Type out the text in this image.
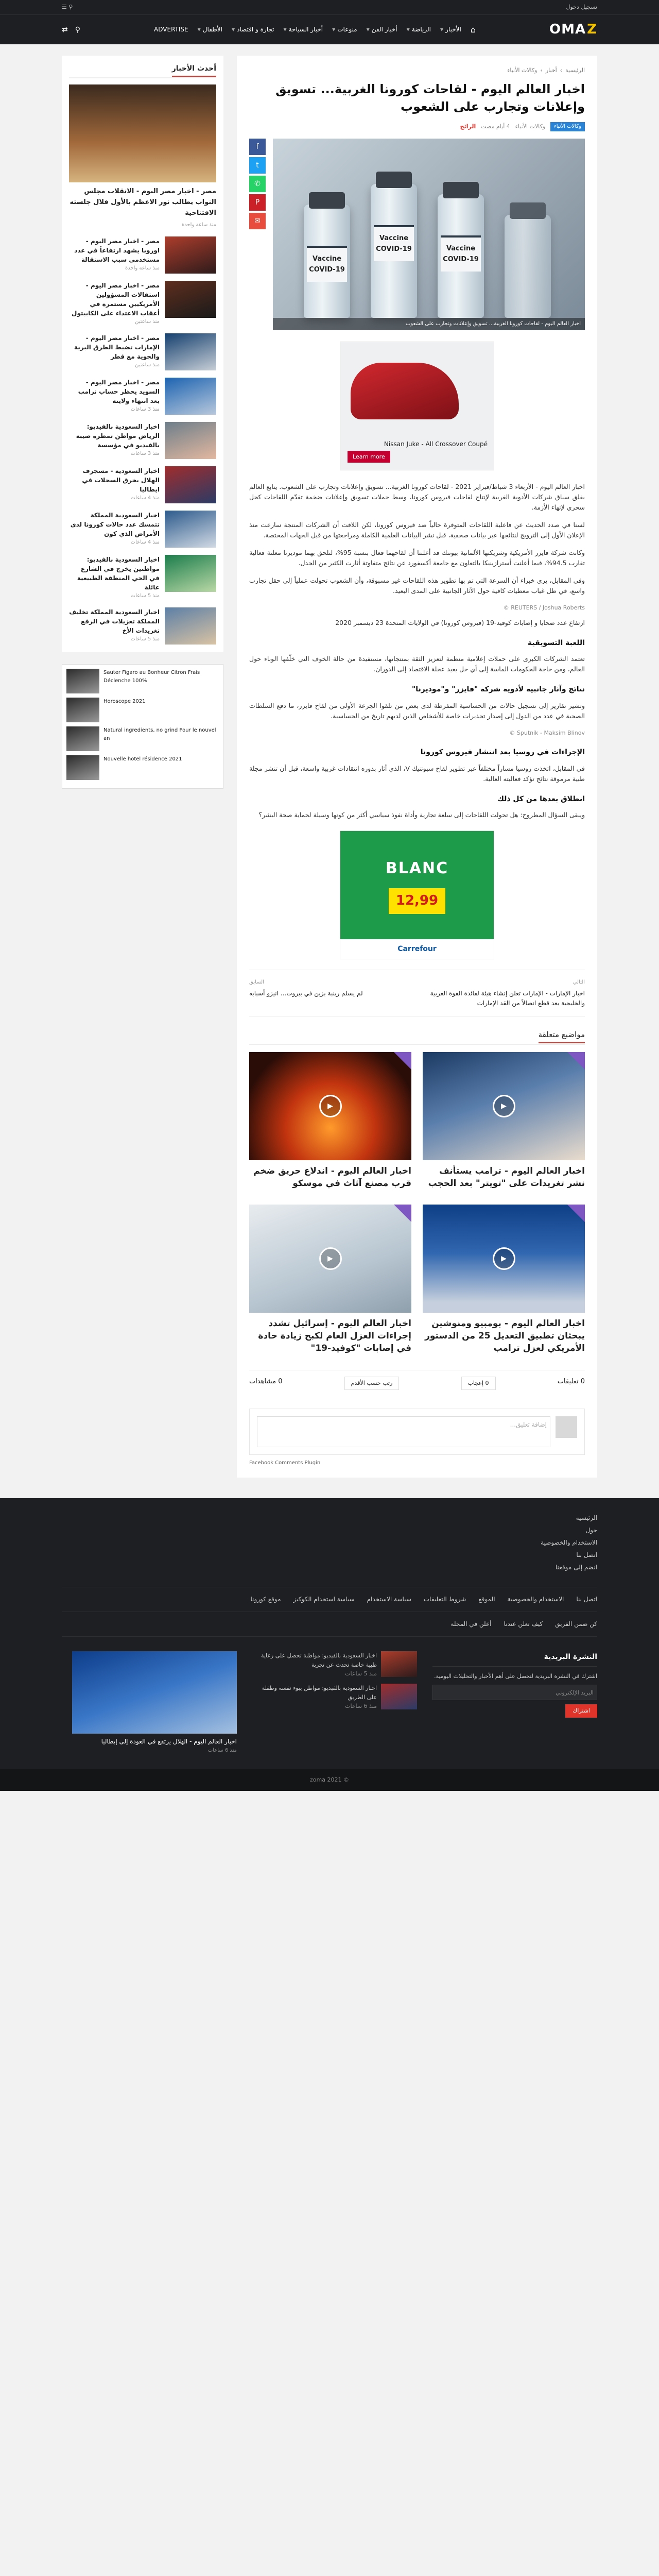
تسجيل دخول
⚲ ☰
Z
OMA
⌂
الأخبار
▼
الرياضة
▼
أخبار الفن
▼
منوعات
▼
أخبار السياحة
▼
تجارة و اقتصاد
▼
الأطفال
▼
ADVERTISE
⚲
⇄
الرئيسية
›
أخبار
›
وكالات الأنباء
اخبار العالم اليوم - لقاحات كورونا الغربية... تسويق وإعلانات وتجارب على الشعوب
وكالات الأنباء
وكالات الأنباء
4 أيام مضت
الرائج
Vaccine
COVID-19
Vaccine
COVID-19	Vaccine
COVID-19
اخبار العالم اليوم - لقاحات كورونا الغربية... تسويق وإعلانات وتجارب على الشعوب
f
t
✆
P
✉
Nissan Juke - All Crossover Coupé
Learn more

اخبار العالم اليوم - الأربعاء 3 شباط/فبراير 2021 - لقاحات كورونا الغربية... تسويق وإعلانات وتجارب على الشعوب. يتابع العالم بقلق سباق شركات الأدوية الغربية لإنتاج لقاحات فيروس كورونا، وسط حملات تسويق وإعلانات ضخمة تقدّم اللقاحات كحل سحري لإنهاء الأزمة.

لسنا في صدد الحديث عن فاعلية اللقاحات المتوفرة حالياً ضد فيروس كورونا، لكن اللافت أن الشركات المنتجة سارعت منذ الإعلان الأول إلى الترويج لنتائجها عبر بيانات صحفية، قبل نشر البيانات العلمية الكاملة ومراجعتها من قبل الجهات المختصة.

وكانت شركة فايزر الأمريكية وشريكتها الألمانية بيونتك قد أعلنتا أن لقاحهما فعال بنسبة 95%، لتلحق بهما موديرنا معلنة فعالية تقارب 94.5%، فيما أعلنت أسترازينيكا بالتعاون مع جامعة أكسفورد عن نتائج متفاوتة أثارت الكثير من الجدل.

وفي المقابل، يرى خبراء أن السرعة التي تم بها تطوير هذه اللقاحات غير مسبوقة، وأن الشعوب تحولت عملياً إلى حقل تجارب واسع، في ظل غياب معطيات كافية حول الآثار الجانبية على المدى البعيد.

REUTERS / Joshua Roberts ©

ارتفاع عدد ضحايا و إصابات كوفيد-19 (فيروس كورونا) في الولايات المتحدة 23 ديسمبر 2020

اللعبة التسويقية

تعتمد الشركات الكبرى على حملات إعلامية منظمة لتعزيز الثقة بمنتجاتها، مستفيدة من حالة الخوف التي خلّفها الوباء حول العالم، ومن حاجة الحكومات الماسة إلى أي حل يعيد عجلة الاقتصاد إلى الدوران.

نتائج وآثار جانبية لأدوية شركة "فايزر" و"موديرنا"

وتشير تقارير إلى تسجيل حالات من الحساسية المفرطة لدى بعض من تلقوا الجرعة الأولى من لقاح فايزر، ما دفع السلطات الصحية في عدد من الدول إلى إصدار تحذيرات خاصة للأشخاص الذين لديهم تاريخ من الحساسية.

Sputnik - Maksim Blinov ©
الإجراءات في روسيا بعد انتشار فيروس كورونا

في المقابل، اتخذت روسيا مساراً مختلفاً عبر تطوير لقاح سبوتنيك V، الذي أثار بدوره انتقادات غربية واسعة، قبل أن تنشر مجلة طبية مرموقة نتائج تؤكد فعاليته العالية.

انطلاق بعدها من كل ذلك

ويبقى السؤال المطروح: هل تحولت اللقاحات إلى سلعة تجارية وأداة نفوذ سياسي أكثر من كونها وسيلة لحماية صحة البشر؟

BLANC
12,99
Carrefour
التالي
اخبار الإمارات - الإمارات تعلن إنشاء هيئة لفائدة القوة العربية والخليجية بعد قطع اتصالاً من القد الإمارات
السابق
لم يسلم ربنبة بزين في بيروت... انيزو أسبابه
مواضيع متعلقة
▶
اخبار العالم اليوم - ترامب يستأنف نشر تغريدات على "تويتر" بعد الحجب
▶
اخبار العالم اليوم - اندلاع حريق ضخم قرب مصنع آثاث في موسكو
▶
اخبار العالم اليوم - بومبيو ومنوشين يبحثان تطبيق التعديل 25 من الدستور الأمريكي لعزل ترامب
▶
اخبار العالم اليوم - إسرائيل تشدد إجراءات العزل العام لكبح زيادة حادة في إصابات "كوفيد-19"
0 تعليقات
0 إعجاب
رتب حسب الأقدم
0 مشاهدات
إضافة تعليق...
Facebook Comments Plugin
أحدث الأخبار
مصر - اخبار مصر اليوم - الانقلاب مجلس النواب يطالب نور الاعظم بالأول فلال جلسته الافتتاحية
منذ ساعة واحدة
مصر - اخبار مصر اليوم - اوروبا يشهد ارتفاعاً في عدد مستخدمي سبب الاستقالة
منذ ساعة واحدة
مصر - اخبار مصر اليوم - استقالات المسؤولين الأمريكيين مستمرة في أعقاب الاعتداء على الكابيتول
منذ ساعتين
مصر - اخبار مصر اليوم - الإمارات تضبط الطرق البرية والجوية مع قطر
منذ ساعتين
مصر - اخبار مصر اليوم - السويد يحظر حساب ترامب بعد انتهاء ولايته
منذ 3 ساعات
اخبار السعودية بالفيديو: الرياض مواطن تمطرة صيبة بالفيديو في مؤسسة
منذ 3 ساعات
اخبار السعودية - مسجرف الهلال يخرق السجلات في ايطاليا
منذ 4 ساعات
اخبار السعودية المملكة تتمسك عدد حالات كورونا لدى الأمراض الذي كون
منذ 4 ساعات
اخبار السعودية بالفيديو: مواطنين يخرج في الشارع في الحي المنطقة الطبيعية عائلة
منذ 5 ساعات
اخبار السعودية المملكة تخليف المملكة تعزيلات في الرفع تغريدات الأخ
منذ 5 ساعات
Sauter Figaro au Bonheur Citron Frais Déclenche 100%
Horoscope 2021
Natural ingredients, no grind Pour le nouvel an
Nouvelle hotel résidence 2021
الرئيسية
حول
الاستخدام والخصوصية
اتصل بنا
انضم إلى موقعنا
اتصل بنا
الاستخدام والخصوصية
الموقع
شروط التعليقات
سياسة الاستخدام
سياسة استخدام الكوكيز
موقع كورونا
كن ضمن الفريق
كيف تعلن عندنا
أعلن في المجلة
النشرة البريدية
اشترك في النشرة البريدية لتحصل على أهم الأخبار والتحليلات اليومية.
البريد الإلكتروني
اشتراك
اخبار السعودية بالفيديو: مواطنة تحصل على رعاية طبية خاصة تحدث عن تجربة
منذ 5 ساعات
اخبار السعودية بالفيديو: مواطن يبوء نفسه وطفلة على الطريق
منذ 6 ساعات
اخبار العالم اليوم - الهلال يرتفع في العودة إلى إيطاليا
منذ 6 ساعات
© 2021 zoma
